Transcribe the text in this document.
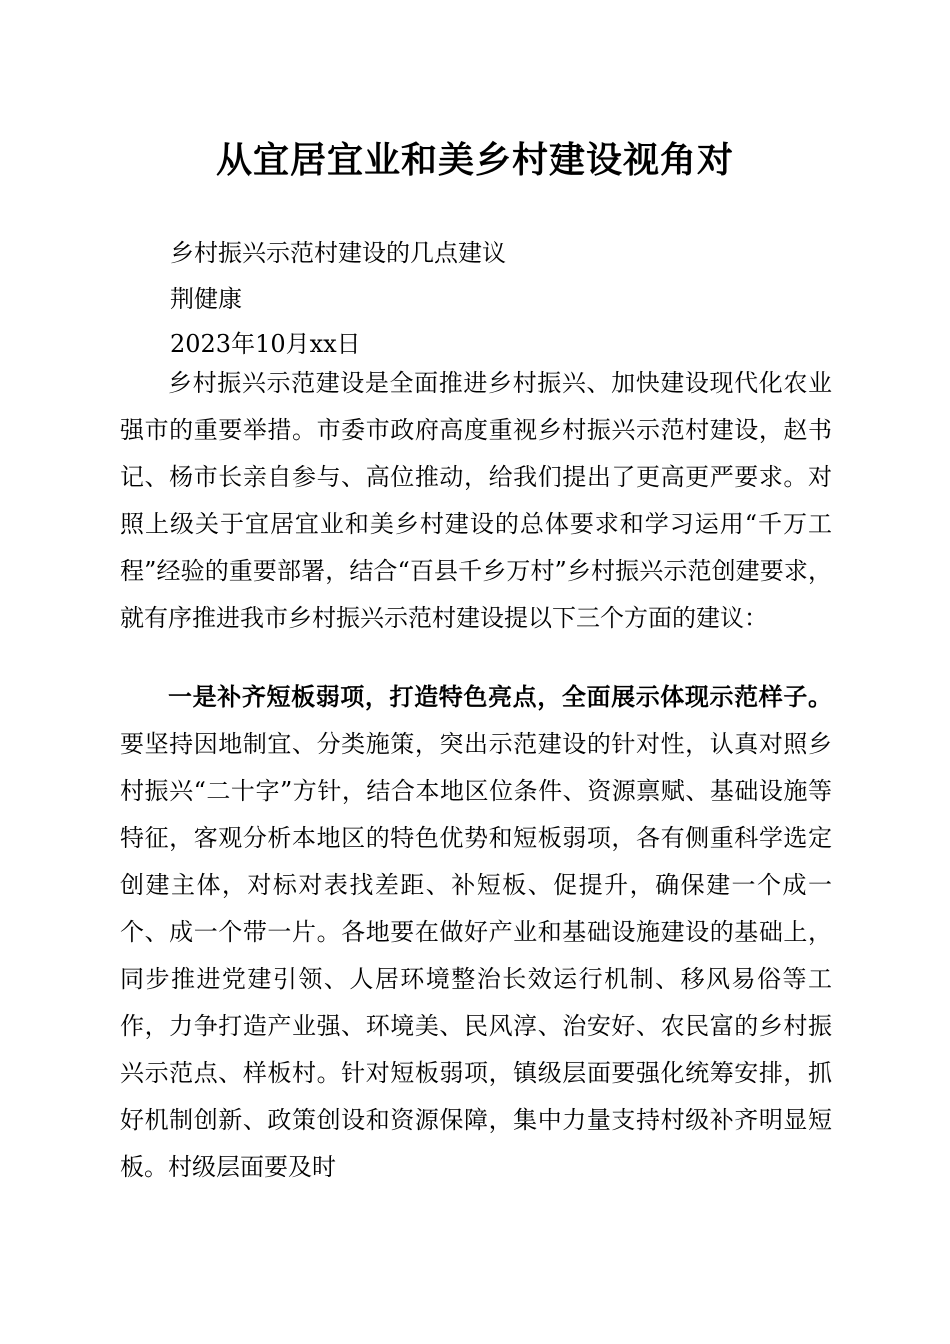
从宜居宜业和美乡村建设视角对
乡村振兴示范村建设的几点建议
荆健康
2023年10月xx日

乡村振兴示范建设是全面推进乡村振兴、加快建设现代化农业强市的重要举措。市委市政府高度重视乡村振兴示范村建设，赵书记、杨市长亲自参与、高位推动，给我们提出了更高更严要求。对照上级关于宜居宜业和美乡村建设的总体要求和学习运用“千万工程”经验的重要部署，结合“百县千乡万村”乡村振兴示范创建要求，就有序推进我市乡村振兴示范村建设提以下三个方面的建议：

一是补齐短板弱项，打造特色亮点，全面展示体现示范样子。要坚持因地制宜、分类施策，突出示范建设的针对性，认真对照乡村振兴“二十字”方针，结合本地区位条件、资源禀赋、基础设施等特征，客观分析本地区的特色优势和短板弱项，各有侧重科学选定创建主体，对标对表找差距、补短板、促提升，确保建一个成一个、成一个带一片。各地要在做好产业和基础设施建设的基础上，同步推进党建引领、人居环境整治长效运行机制、移风易俗等工作，力争打造产业强、环境美、民风淳、治安好、农民富的乡村振兴示范点、样板村。针对短板弱项，镇级层面要强化统筹安排，抓好机制创新、政策创设和资源保障，集中力量支持村级补齐明显短板。村级层面要及时
